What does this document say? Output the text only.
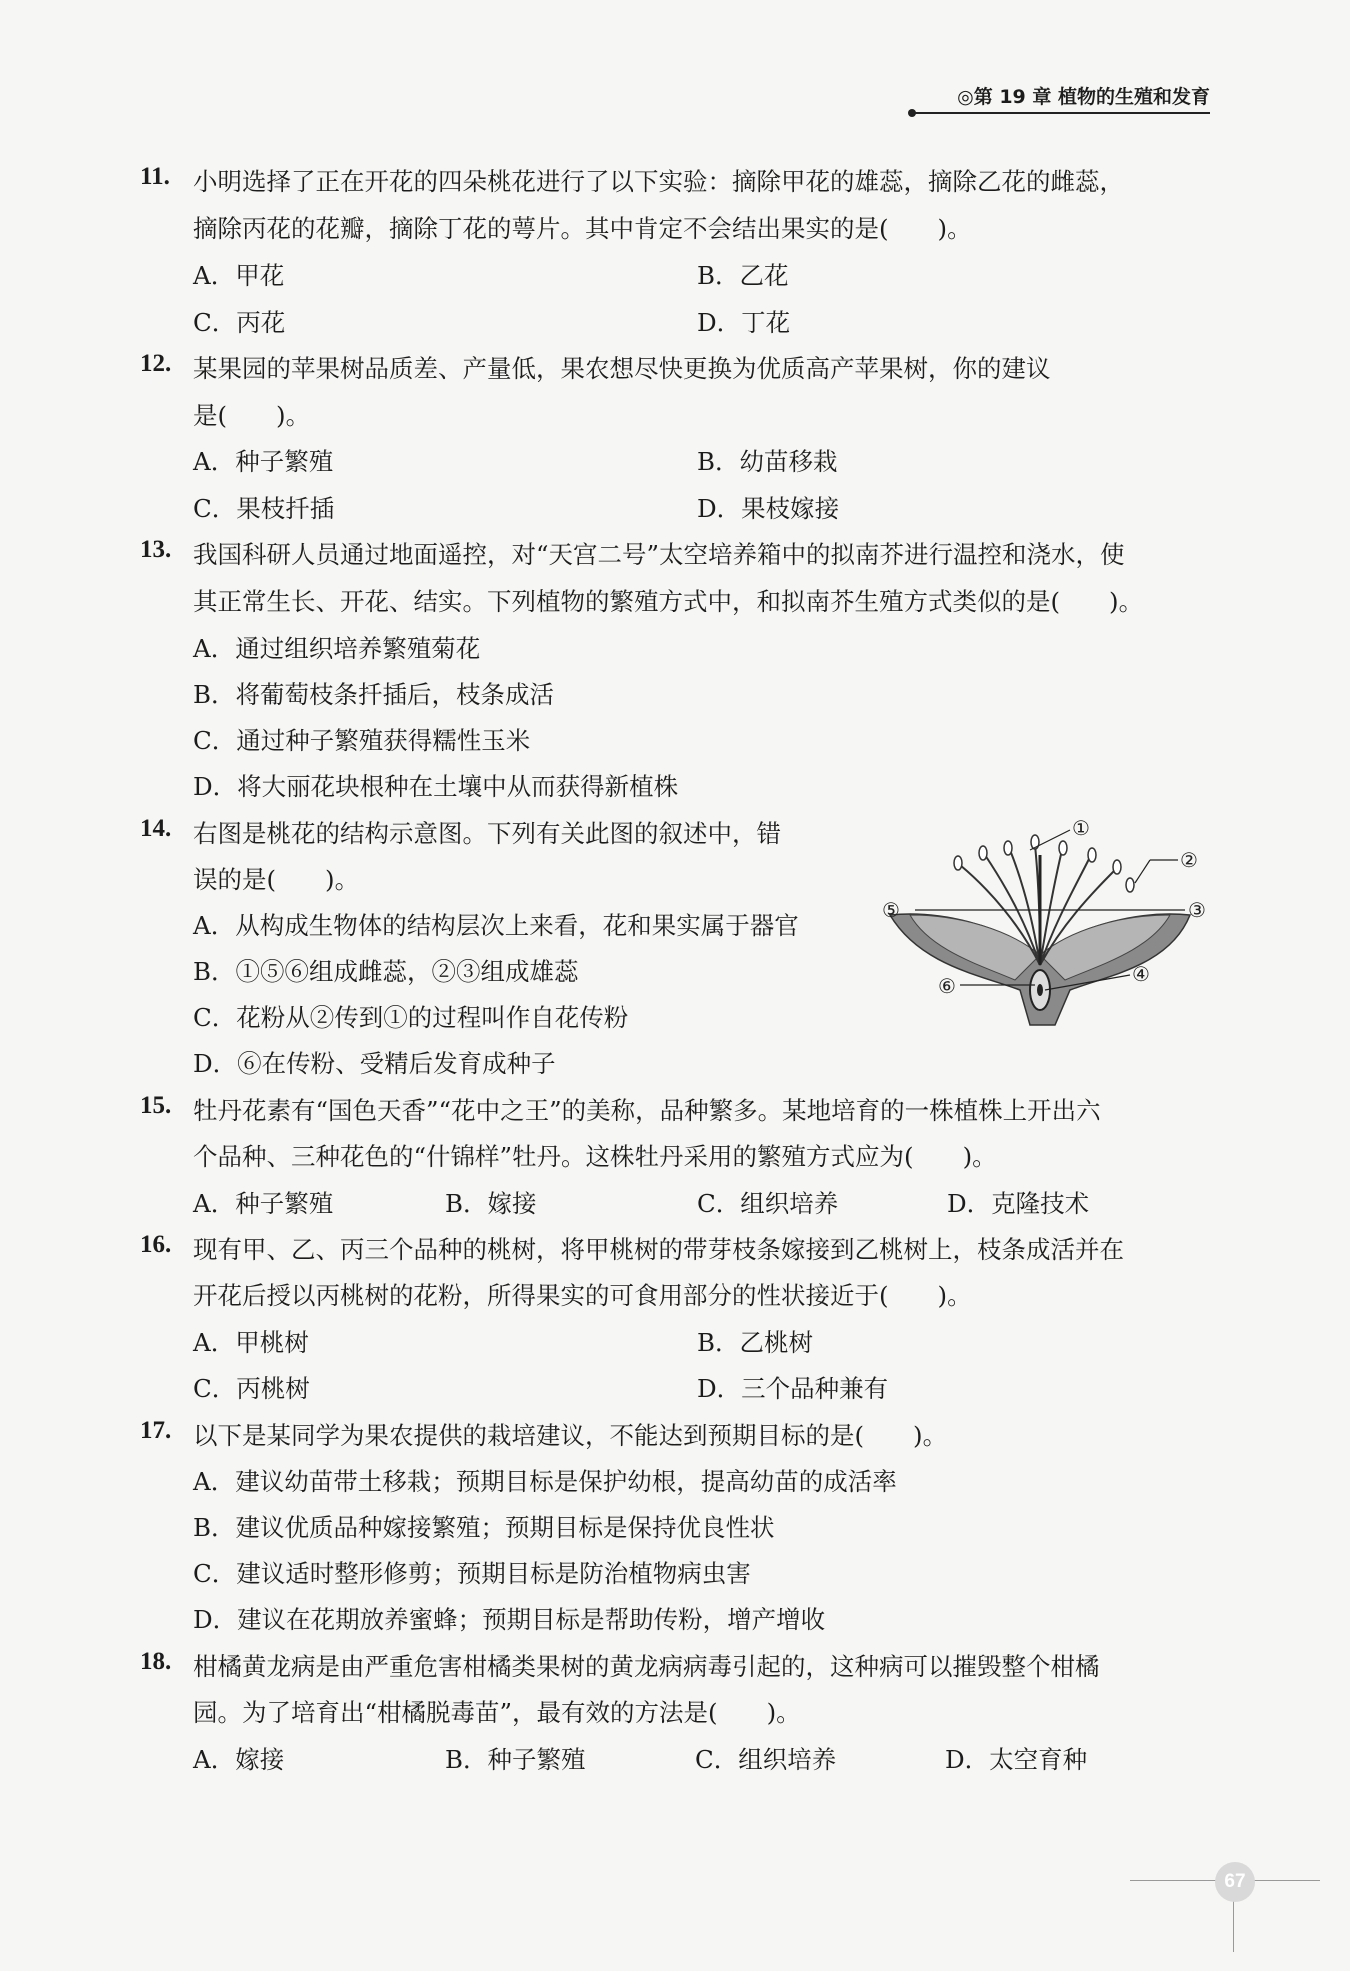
◎第 19 章 植物的生殖和发育
11. 小明选择了正在开花的四朵桃花进行了以下实验：摘除甲花的雄蕊，摘除乙花的雌蕊，
摘除丙花的花瓣，摘除丁花的萼片。其中肯定不会结出果实的是(　　)。
A．甲花	B．乙花
C．丙花	D．丁花
12. 某果园的苹果树品质差、产量低，果农想尽快更换为优质高产苹果树，你的建议
是(　　)。
A．种子繁殖	B．幼苗移栽
C．果枝扦插	D．果枝嫁接
13. 我国科研人员通过地面遥控，对“天宫二号”太空培养箱中的拟南芥进行温控和浇水，使
其正常生长、开花、结实。下列植物的繁殖方式中，和拟南芥生殖方式类似的是(　　)。
A．通过组织培养繁殖菊花
B．将葡萄枝条扦插后，枝条成活
C．通过种子繁殖获得糯性玉米
D．将大丽花块根种在土壤中从而获得新植株
14. 右图是桃花的结构示意图。下列有关此图的叙述中，错
误的是(　　)。
A．从构成生物体的结构层次上来看，花和果实属于器官
B．①⑤⑥组成雌蕊，②③组成雄蕊
C．花粉从②传到①的过程叫作自花传粉
D．⑥在传粉、受精后发育成种子
①
②
③
④
⑤
⑥
15. 牡丹花素有“国色天香”“花中之王”的美称，品种繁多。某地培育的一株植株上开出六
个品种、三种花色的“什锦样”牡丹。这株牡丹采用的繁殖方式应为(　　)。
A．种子繁殖	B．嫁接	C．组织培养	D．克隆技术
16. 现有甲、乙、丙三个品种的桃树，将甲桃树的带芽枝条嫁接到乙桃树上，枝条成活并在
开花后授以丙桃树的花粉，所得果实的可食用部分的性状接近于(　　)。
A．甲桃树	B．乙桃树
C．丙桃树	D．三个品种兼有
17. 以下是某同学为果农提供的栽培建议，不能达到预期目标的是(　　)。
A．建议幼苗带土移栽；预期目标是保护幼根，提高幼苗的成活率
B．建议优质品种嫁接繁殖；预期目标是保持优良性状
C．建议适时整形修剪；预期目标是防治植物病虫害
D．建议在花期放养蜜蜂；预期目标是帮助传粉，增产增收
18. 柑橘黄龙病是由严重危害柑橘类果树的黄龙病病毒引起的，这种病可以摧毁整个柑橘
园。为了培育出“柑橘脱毒苗”，最有效的方法是(　　)。
A．嫁接	B．种子繁殖	C．组织培养	D．太空育种
67
